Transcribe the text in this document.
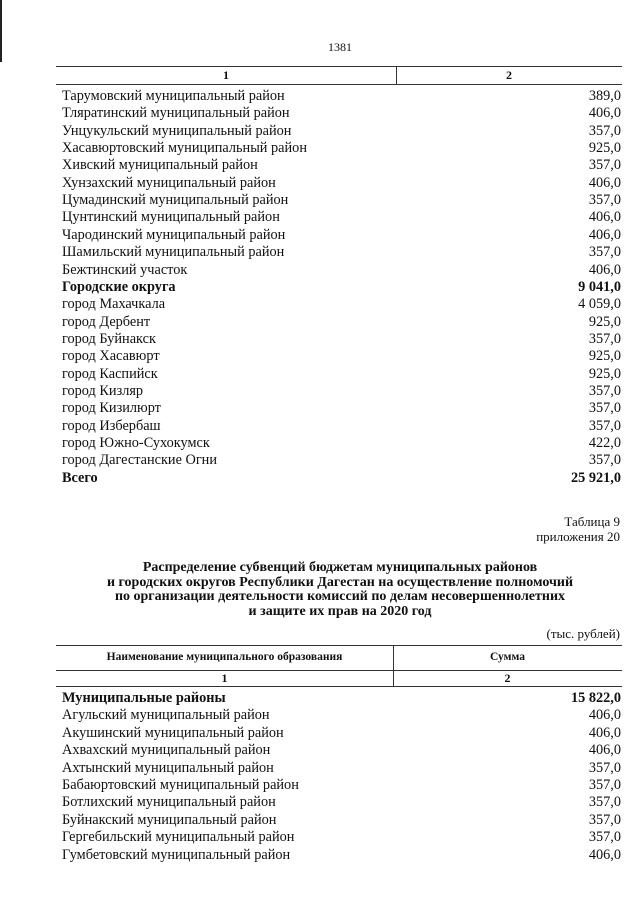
1381
1	2
Тарумовский муниципальный район	389,0
Тляратинский муниципальный район	406,0
Унцукульский муниципальный район	357,0
Хасавюртовский муниципальный район	925,0
Хивский муниципальный район	357,0
Хунзахский муниципальный район	406,0
Цумадинский муниципальный район	357,0
Цунтинский муниципальный район	406,0
Чародинский муниципальный район	406,0
Шамильский муниципальный район	357,0
Бежтинский участок	406,0
Городские округа	9 041,0
город Махачкала	4 059,0
город Дербент	925,0
город Буйнакск	357,0
город Хасавюрт	925,0
город Каспийск	925,0
город Кизляр	357,0
город Кизилюрт	357,0
город Избербаш	357,0
город Южно-Сухокумск	422,0
город Дагестанские Огни	357,0
Всего	25 921,0
Таблица 9
приложения 20
Распределение субвенций бюджетам муниципальных районов
и городских округов Республики Дагестан на осуществление полномочий
по организации деятельности комиссий по делам несовершеннолетних
и защите их прав на 2020 год
(тыс. рублей)
Наименование муниципального образования	Сумма
1	2
Муниципальные районы	15 822,0
Агульский муниципальный район	406,0
Акушинский муниципальный район	406,0
Ахвахский муниципальный район	406,0
Ахтынский муниципальный район	357,0
Бабаюртовский муниципальный район	357,0
Ботлихский муниципальный район	357,0
Буйнакский муниципальный район	357,0
Гергебильский муниципальный район	357,0
Гумбетовский муниципальный район	406,0
